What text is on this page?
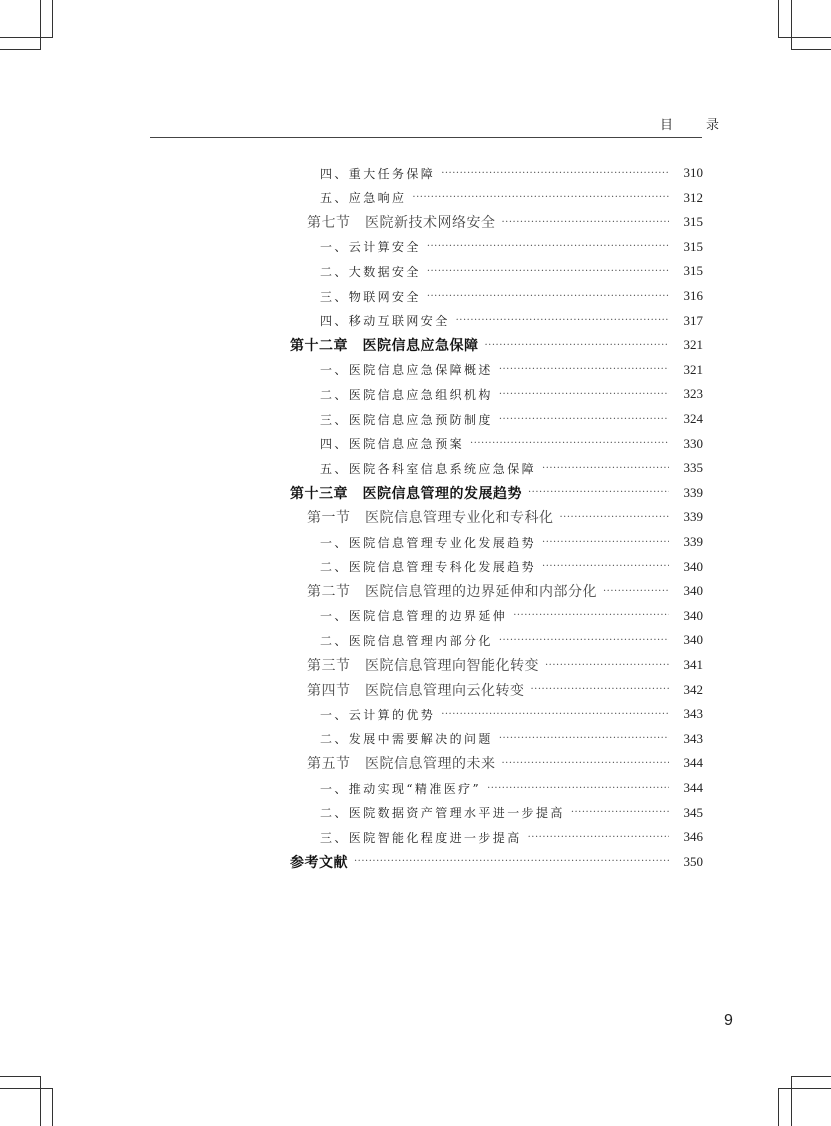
目　录
四、重大任务保障 ·····	310
五、应急响应 ·····	312
第七节　医院新技术网络安全 ·····	315
一、云计算安全 ·····	315
二、大数据安全 ·····	315
三、物联网安全 ·····	316
四、移动互联网安全 ·····	317
第十二章　医院信息应急保障 ·····	321
一、医院信息应急保障概述 ·····	321
二、医院信息应急组织机构 ·····	323
三、医院信息应急预防制度 ·····	324
四、医院信息应急预案 ·····	330
五、医院各科室信息系统应急保障 ·····	335
第十三章　医院信息管理的发展趋势 ·····	339
第一节　医院信息管理专业化和专科化 ·····	339
一、医院信息管理专业化发展趋势 ·····	339
二、医院信息管理专科化发展趋势 ·····	340
第二节　医院信息管理的边界延伸和内部分化 ·····	340
一、医院信息管理的边界延伸 ·····	340
二、医院信息管理内部分化 ·····	340
第三节　医院信息管理向智能化转变 ·····	341
第四节　医院信息管理向云化转变 ·····	342
一、云计算的优势 ·····	343
二、发展中需要解决的问题 ·····	343
第五节　医院信息管理的未来 ·····	344
一、推动实现“精准医疗” ·····	344
二、医院数据资产管理水平进一步提高 ·····	345
三、医院智能化程度进一步提高 ·····	346
参考文献 ·····	350
9
